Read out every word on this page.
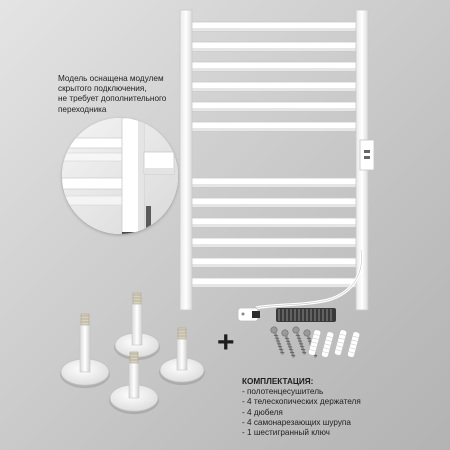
Модель оснащена модулем
скрытого подключения,
не требует дополнительного
переходника
+
КОМПЛЕКТАЦИЯ:
- полотенцесушитель
- 4 телескопических держателя
- 4 дюбеля
- 4 самонарезающих шурупа
- 1 шестигранный ключ
